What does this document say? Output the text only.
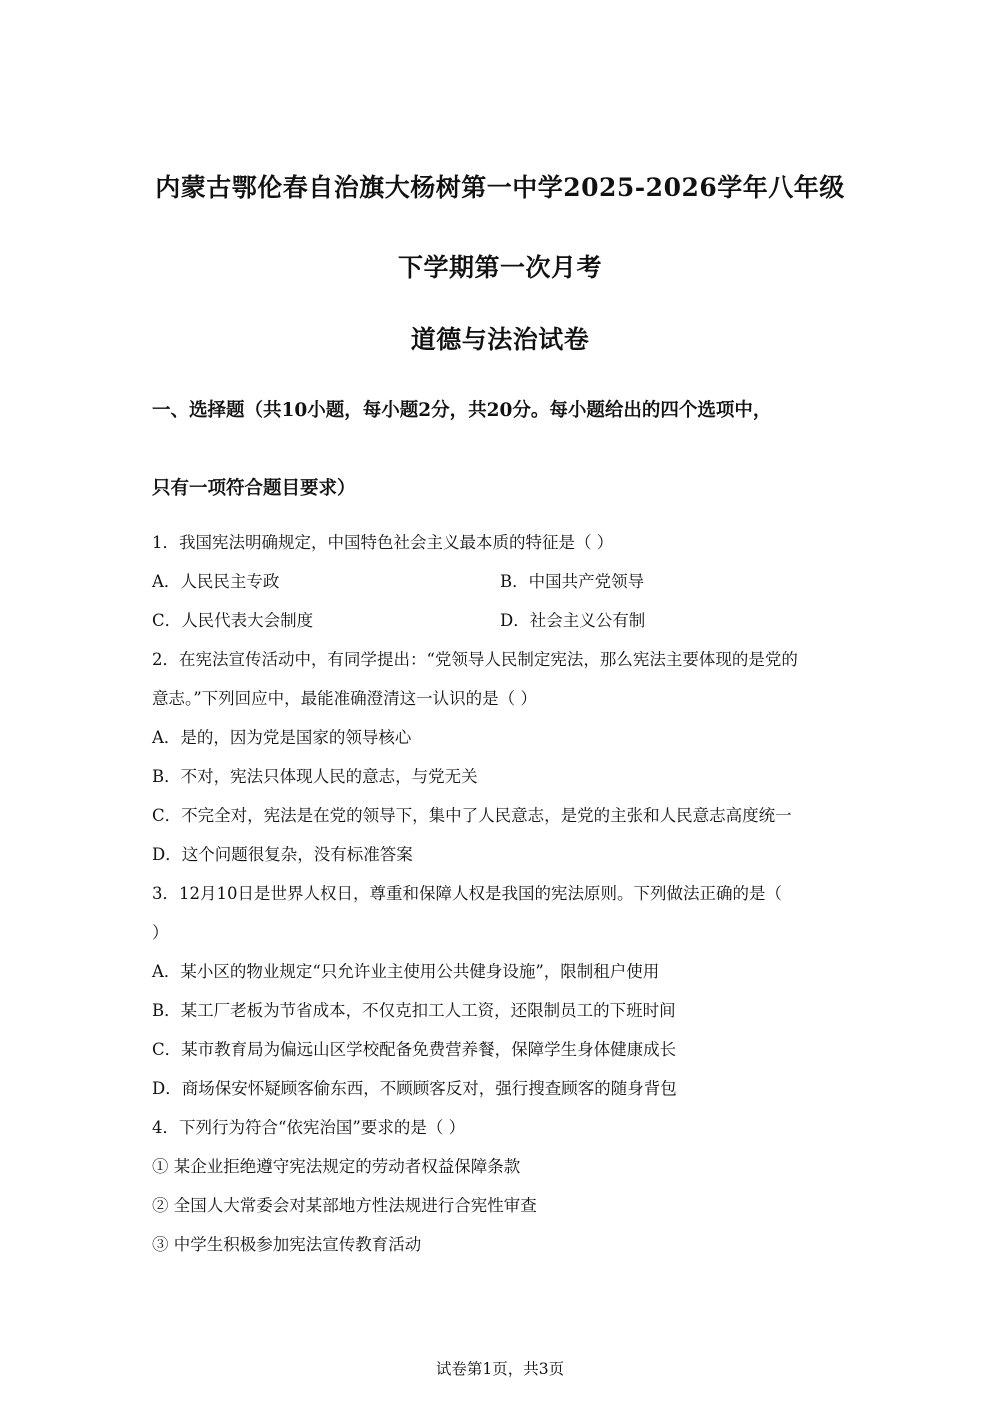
内蒙古鄂伦春自治旗大杨树第一中学2025-2026学年八年级
下学期第一次月考
道德与法治试卷
一、选择题（共10小题，每小题2分，共20分。每小题给出的四个选项中，
只有一项符合题目要求）
1．我国宪法明确规定，中国特色社会主义最本质的特征是（ ）
A．人民民主专政	B．中国共产党领导
C．人民代表大会制度	D．社会主义公有制
2．在宪法宣传活动中，有同学提出：“党领导人民制定宪法，那么宪法主要体现的是党的
意志。”下列回应中，最能准确澄清这一认识的是（ ）
A．是的，因为党是国家的领导核心
B．不对，宪法只体现人民的意志，与党无关
C．不完全对，宪法是在党的领导下，集中了人民意志，是党的主张和人民意志高度统一
D．这个问题很复杂，没有标准答案
3．12月10日是世界人权日，尊重和保障人权是我国的宪法原则。下列做法正确的是（
）
A．某小区的物业规定“只允许业主使用公共健身设施”，限制租户使用
B．某工厂老板为节省成本，不仅克扣工人工资，还限制员工的下班时间
C．某市教育局为偏远山区学校配备免费营养餐，保障学生身体健康成长
D．商场保安怀疑顾客偷东西，不顾顾客反对，强行搜查顾客的随身背包
4．下列行为符合“依宪治国”要求的是（ ）
① 某企业拒绝遵守宪法规定的劳动者权益保障条款
② 全国人大常委会对某部地方性法规进行合宪性审查
③ 中学生积极参加宪法宣传教育活动
试卷第1页，共3页
